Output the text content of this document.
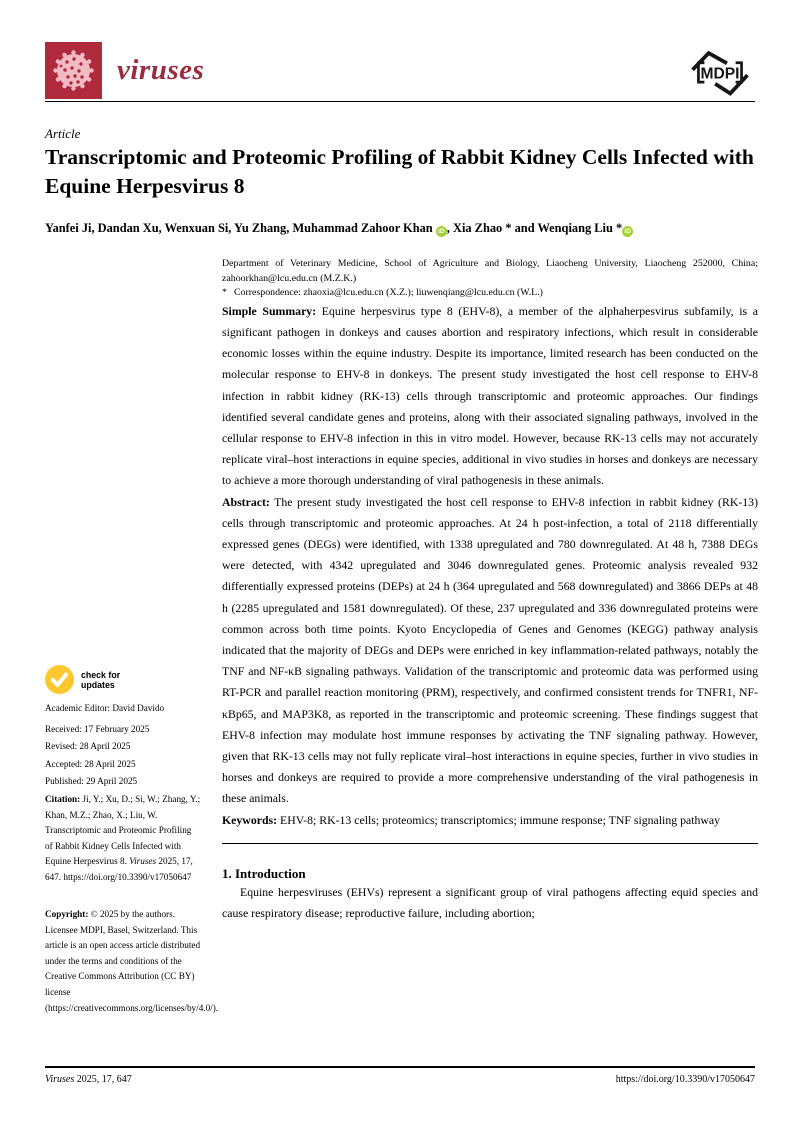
viruses	MDPI
Article
Transcriptomic and Proteomic Profiling of Rabbit Kidney Cells Infected with Equine Herpesvirus 8
Yanfei Ji, Dandan Xu, Wenxuan Si, Yu Zhang, Muhammad Zahoor Khan iD , Xia Zhao * and Wenqiang Liu * iD
Department of Veterinary Medicine, School of Agriculture and Biology, Liaocheng University, Liaocheng 252000, China; zahoorkhan@lcu.edu.cn (M.Z.K.)
* Correspondence: zhaoxia@lcu.edu.cn (X.Z.); liuwenqiang@lcu.edu.cn (W.L.)

Simple Summary: Equine herpesvirus type 8 (EHV-8), a member of the alphaherpesvirus subfamily, is a significant pathogen in donkeys and causes abortion and respiratory infections, which result in considerable economic losses within the equine industry. Despite its importance, limited research has been conducted on the molecular response to EHV-8 in donkeys. The present study investigated the host cell response to EHV-8 infection in rabbit kidney (RK-13) cells through transcriptomic and proteomic approaches. Our findings identified several candidate genes and proteins, along with their associated signaling pathways, involved in the cellular response to EHV-8 infection in this in vitro model. However, because RK-13 cells may not accurately replicate viral–host interactions in equine species, additional in vivo studies in horses and donkeys are necessary to achieve a more thorough understanding of viral pathogenesis in these animals.

Abstract: The present study investigated the host cell response to EHV-8 infection in rabbit kidney (RK-13) cells through transcriptomic and proteomic approaches. At 24 h post-infection, a total of 2118 differentially expressed genes (DEGs) were identified, with 1338 upregulated and 780 downregulated. At 48 h, 7388 DEGs were detected, with 4342 upregulated and 3046 downregulated genes. Proteomic analysis revealed 932 differentially expressed proteins (DEPs) at 24 h (364 upregulated and 568 downregulated) and 3866 DEPs at 48 h (2285 upregulated and 1581 downregulated). Of these, 237 upregulated and 336 downregulated proteins were common across both time points. Kyoto Encyclopedia of Genes and Genomes (KEGG) pathway analysis indicated that the majority of DEGs and DEPs were enriched in key inflammation-related pathways, notably the TNF and NF-κB signaling pathways. Validation of the transcriptomic and proteomic data was performed using RT-PCR and parallel reaction monitoring (PRM), respectively, and confirmed consistent trends for TNFR1, NF-κBp65, and MAP3K8, as reported in the transcriptomic and proteomic screening. These findings suggest that EHV-8 infection may modulate host immune responses by activating the TNF signaling pathway. However, given that RK-13 cells may not fully replicate viral–host interactions in equine species, further in vivo studies in horses and donkeys are required to provide a more comprehensive understanding of the viral pathogenesis in these animals.

Keywords: EHV-8; RK-13 cells; proteomics; transcriptomics; immune response; TNF signaling pathway

1. Introduction

Equine herpesviruses (EHVs) represent a significant group of viral pathogens affecting equid species and cause respiratory disease; reproductive failure, including abortion;

check for
updates
Academic Editor: David Davido
Received: 17 February 2025
Revised: 28 April 2025
Accepted: 28 April 2025
Published: 29 April 2025
Citation: Ji, Y.; Xu, D.; Si, W.; Zhang, Y.; Khan, M.Z.; Zhao, X.; Liu, W. Transcriptomic and Proteomic Profiling of Rabbit Kidney Cells Infected with Equine Herpesvirus 8. Viruses 2025, 17, 647. https://doi.org/10.3390/v17050647
Copyright: © 2025 by the authors. Licensee MDPI, Basel, Switzerland. This article is an open access article distributed under the terms and conditions of the Creative Commons Attribution (CC BY) license (https://creativecommons.org/licenses/by/4.0/).
Viruses 2025, 17, 647	https://doi.org/10.3390/v17050647
